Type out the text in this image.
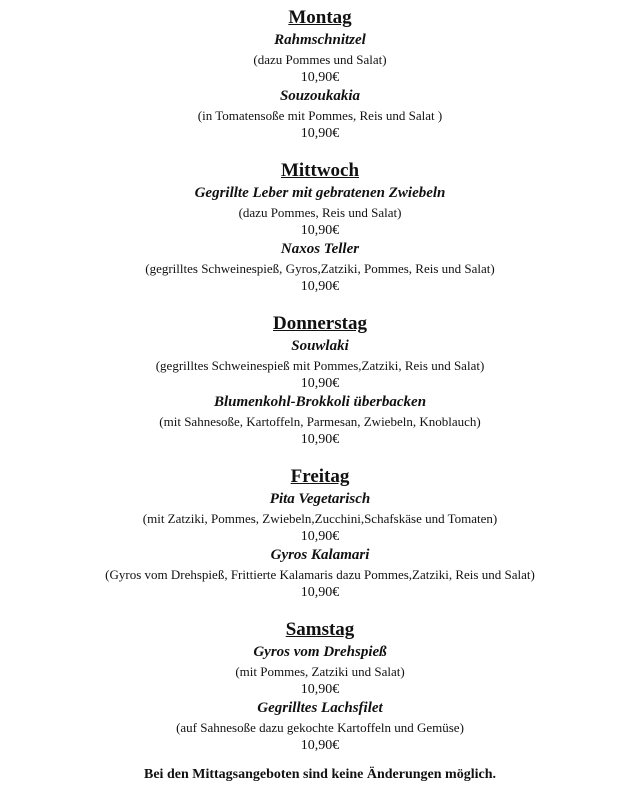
Montag

Rahmschnitzel

(dazu Pommes und Salat)

10,90€

Souzoukakia

(in Tomatensoße mit Pommes, Reis und Salat )

10,90€

Mittwoch

Gegrillte Leber mit gebratenen Zwiebeln

(dazu Pommes, Reis und Salat)

10,90€

Naxos Teller

(gegrilltes Schweinespieß, Gyros,Zatziki, Pommes, Reis und Salat)

10,90€

Donnerstag

Souwlaki

(gegrilltes Schweinespieß mit Pommes,Zatziki, Reis und Salat)

10,90€

Blumenkohl-Brokkoli überbacken

(mit Sahnesoße, Kartoffeln, Parmesan, Zwiebeln, Knoblauch)

10,90€

Freitag

Pita Vegetarisch

(mit Zatziki, Pommes, Zwiebeln,Zucchini,Schafskäse und Tomaten)

10,90€

Gyros Kalamari

(Gyros vom Drehspieß, Frittierte Kalamaris dazu Pommes,Zatziki, Reis und Salat)

10,90€

Samstag

Gyros vom Drehspieß

(mit Pommes, Zatziki und Salat)

10,90€

Gegrilltes Lachsfilet

(auf Sahnesoße dazu gekochte Kartoffeln und Gemüse)

10,90€

Bei den Mittagsangeboten sind keine Änderungen möglich.
